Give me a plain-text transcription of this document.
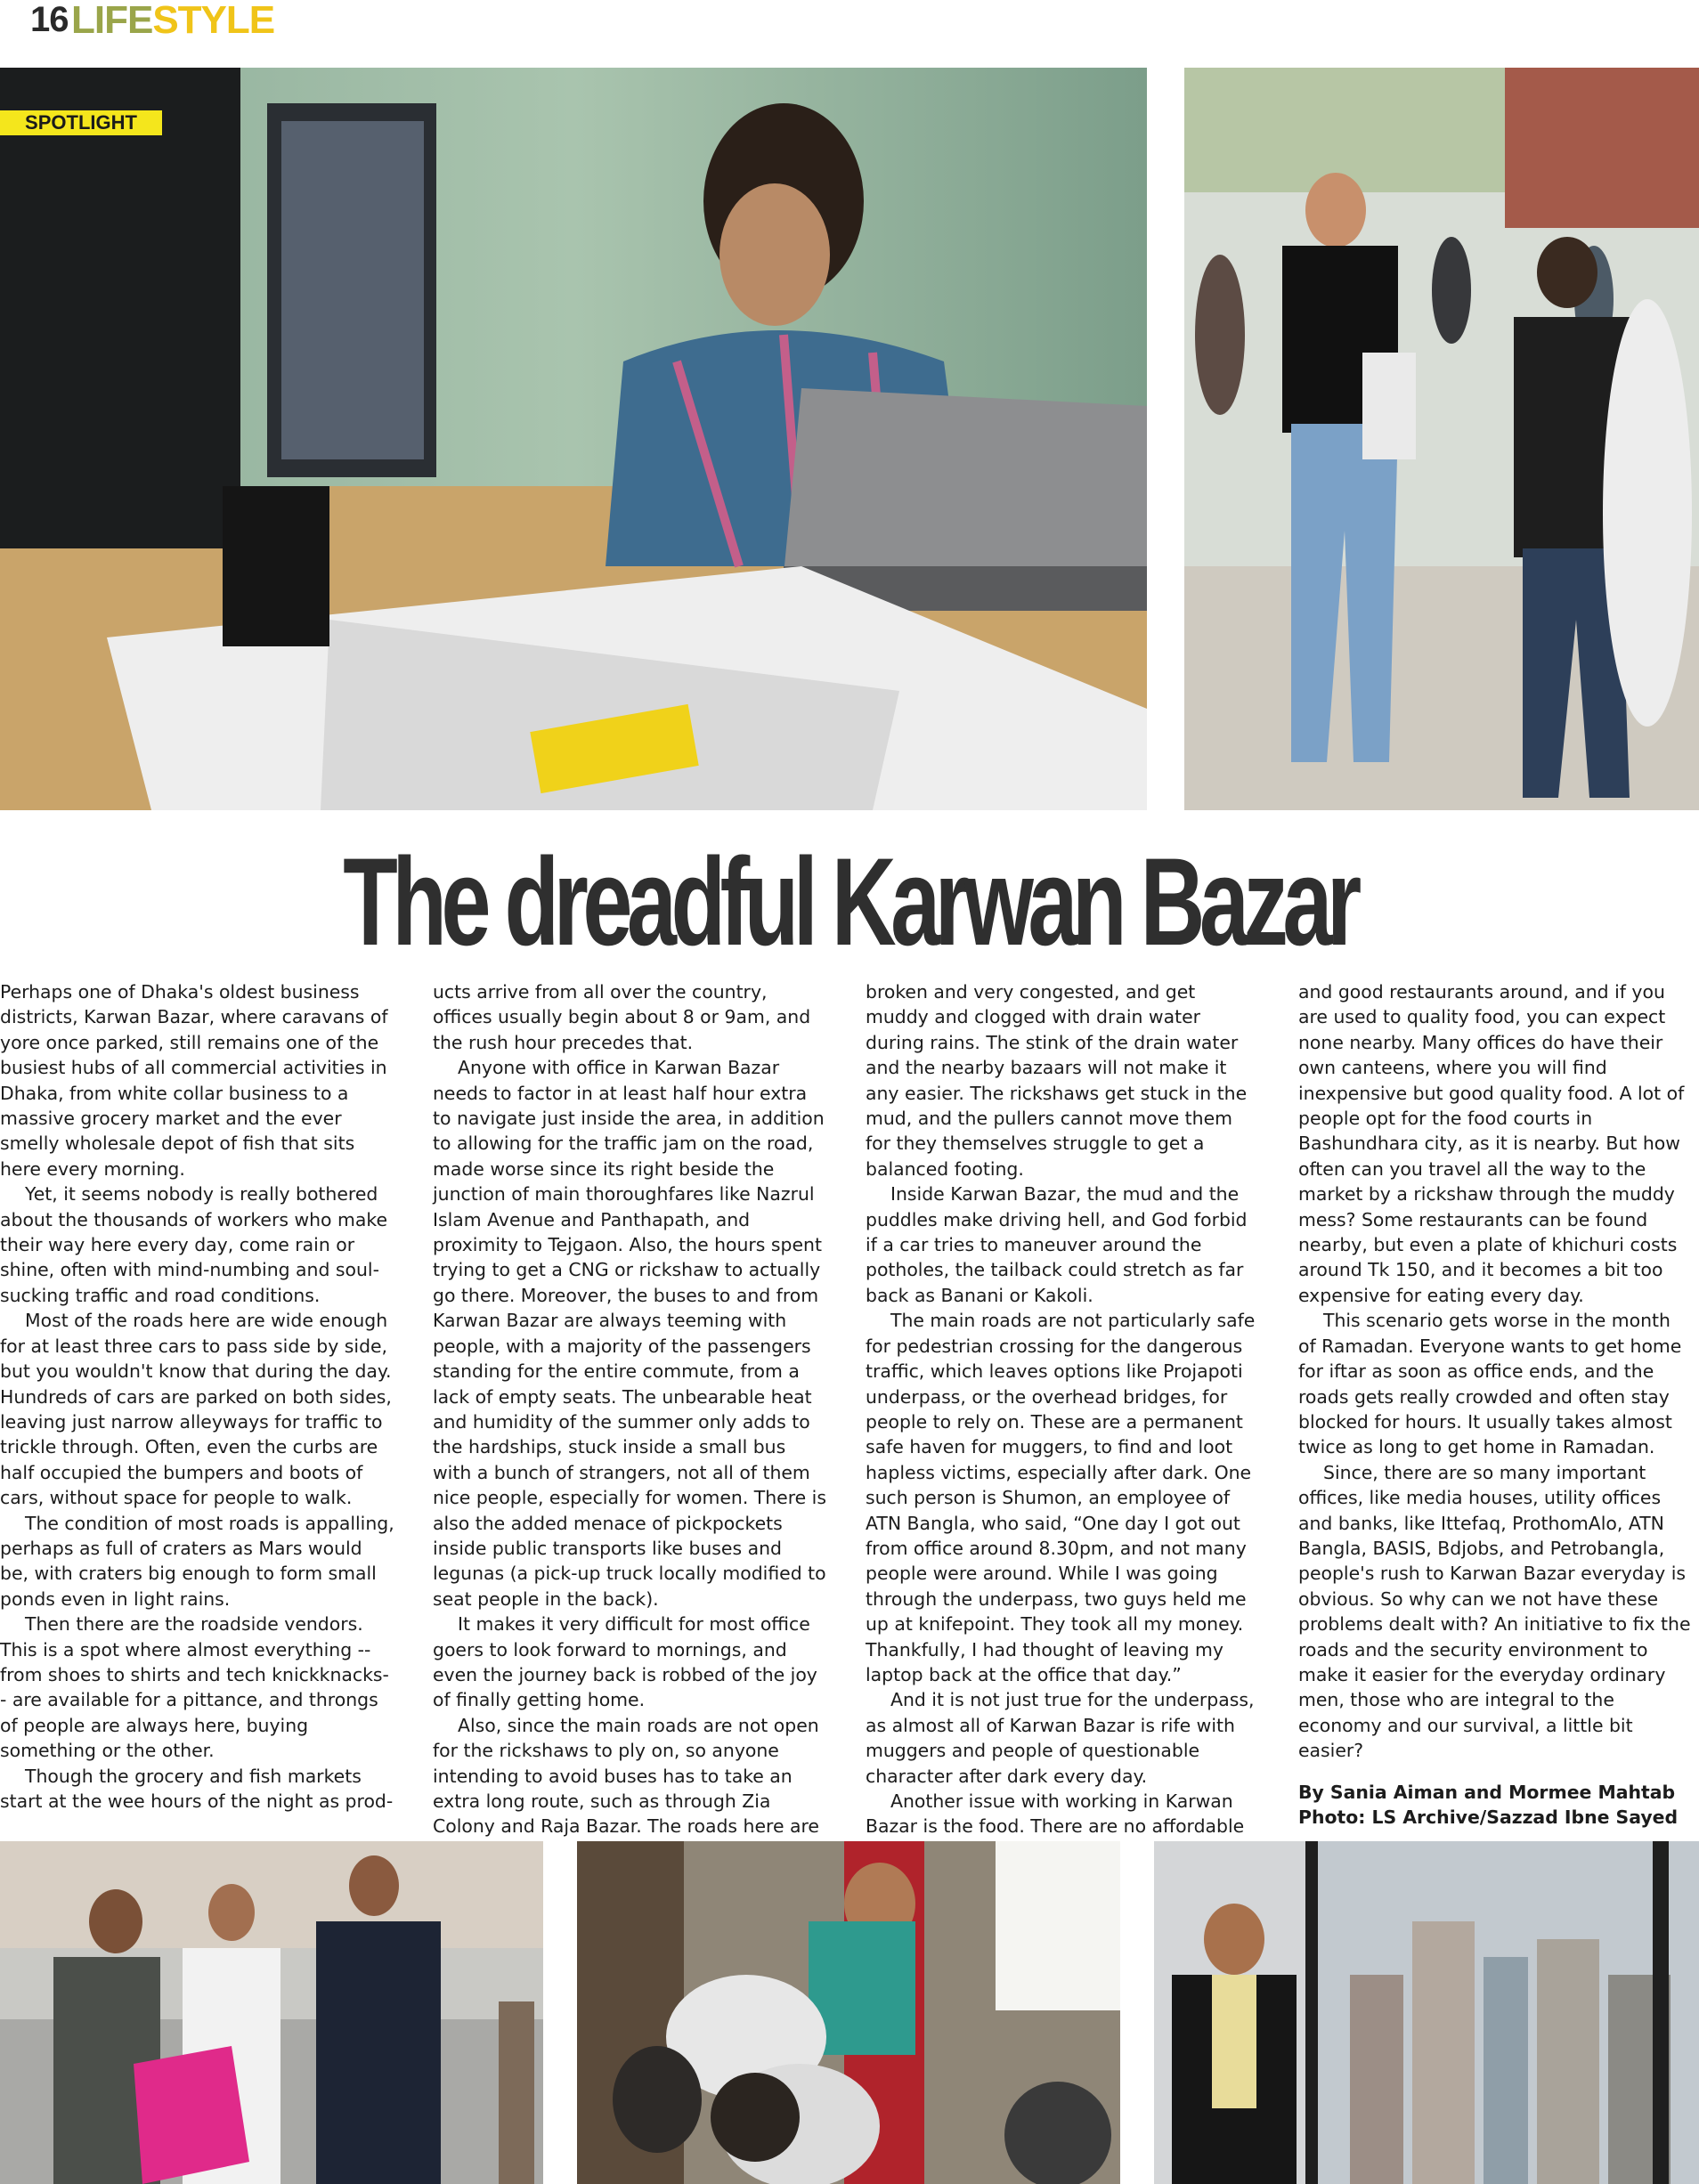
16 LIFESTYLE
SPOTLIGHT
The dreadful Karwan Bazar

Perhaps one of Dhaka's oldest business districts, Karwan Bazar, where caravans of yore once parked, still remains one of the busiest hubs of all commercial activities in Dhaka, from white collar business to a massive grocery market and the ever smelly wholesale depot of fish that sits here every morning.

Yet, it seems nobody is really bothered about the thousands of workers who make their way here every day, come rain or shine, often with mind-numbing and soul-sucking traffic and road conditions.

Most of the roads here are wide enough for at least three cars to pass side by side, but you wouldn't know that during the day. Hundreds of cars are parked on both sides, leaving just narrow alleyways for traffic to trickle through. Often, even the curbs are half occupied the bumpers and boots of cars, without space for people to walk.

The condition of most roads is appalling, perhaps as full of craters as Mars would be, with craters big enough to form small ponds even in light rains.

Then there are the roadside vendors. This is a spot where almost everything --from shoes to shirts and tech knickknacks-- are available for a pittance, and throngs of people are always here, buying something or the other.

Though the grocery and fish markets start at the wee hours of the night as prod-

ucts arrive from all over the country, offices usually begin about 8 or 9am, and the rush hour precedes that.

Anyone with office in Karwan Bazar needs to factor in at least half hour extra to navigate just inside the area, in addition to allowing for the traffic jam on the road, made worse since its right beside the junction of main thoroughfares like Nazrul Islam Avenue and Panthapath, and proximity to Tejgaon. Also, the hours spent trying to get a CNG or rickshaw to actually go there. Moreover, the buses to and from Karwan Bazar are always teeming with people, with a majority of the passengers standing for the entire commute, from a lack of empty seats. The unbearable heat and humidity of the summer only adds to the hardships, stuck inside a small bus with a bunch of strangers, not all of them nice people, especially for women. There is also the added menace of pickpockets inside public transports like buses and legunas (a pick-up truck locally modified to seat people in the back).

It makes it very difficult for most office goers to look forward to mornings, and even the journey back is robbed of the joy of finally getting home.

Also, since the main roads are not open for the rickshaws to ply on, so anyone intending to avoid buses has to take an extra long route, such as through Zia Colony and Raja Bazar. The roads here are

broken and very congested, and get muddy and clogged with drain water during rains. The stink of the drain water and the nearby bazaars will not make it any easier. The rickshaws get stuck in the mud, and the pullers cannot move them for they themselves struggle to get a balanced footing.

Inside Karwan Bazar, the mud and the puddles make driving hell, and God forbid if a car tries to maneuver around the potholes, the tailback could stretch as far back as Banani or Kakoli.

The main roads are not particularly safe for pedestrian crossing for the dangerous traffic, which leaves options like Projapoti underpass, or the overhead bridges, for people to rely on. These are a permanent safe haven for muggers, to find and loot hapless victims, especially after dark. One such person is Shumon, an employee of ATN Bangla, who said, “One day I got out from office around 8.30pm, and not many people were around. While I was going through the underpass, two guys held me up at knifepoint. They took all my money. Thankfully, I had thought of leaving my laptop back at the office that day.”

And it is not just true for the underpass, as almost all of Karwan Bazar is rife with muggers and people of questionable character after dark every day.

Another issue with working in Karwan Bazar is the food. There are no affordable

and good restaurants around, and if you are used to quality food, you can expect none nearby. Many offices do have their own canteens, where you will find inexpensive but good quality food. A lot of people opt for the food courts in Bashundhara city, as it is nearby. But how often can you travel all the way to the market by a rickshaw through the muddy mess? Some restaurants can be found nearby, but even a plate of khichuri costs around Tk 150, and it becomes a bit too expensive for eating every day.

This scenario gets worse in the month of Ramadan. Everyone wants to get home for iftar as soon as office ends, and the roads gets really crowded and often stay blocked for hours. It usually takes almost twice as long to get home in Ramadan.

Since, there are so many important offices, like media houses, utility offices and banks, like Ittefaq, ProthomAlo, ATN Bangla, BASIS, Bdjobs, and Petrobangla, people's rush to Karwan Bazar everyday is obvious. So why can we not have these problems dealt with? An initiative to fix the roads and the security environment to make it easier for the everyday ordinary men, those who are integral to the economy and our survival, a little bit easier?

By Sania Aiman and Mormee Mahtab

Photo: LS Archive/Sazzad Ibne Sayed
